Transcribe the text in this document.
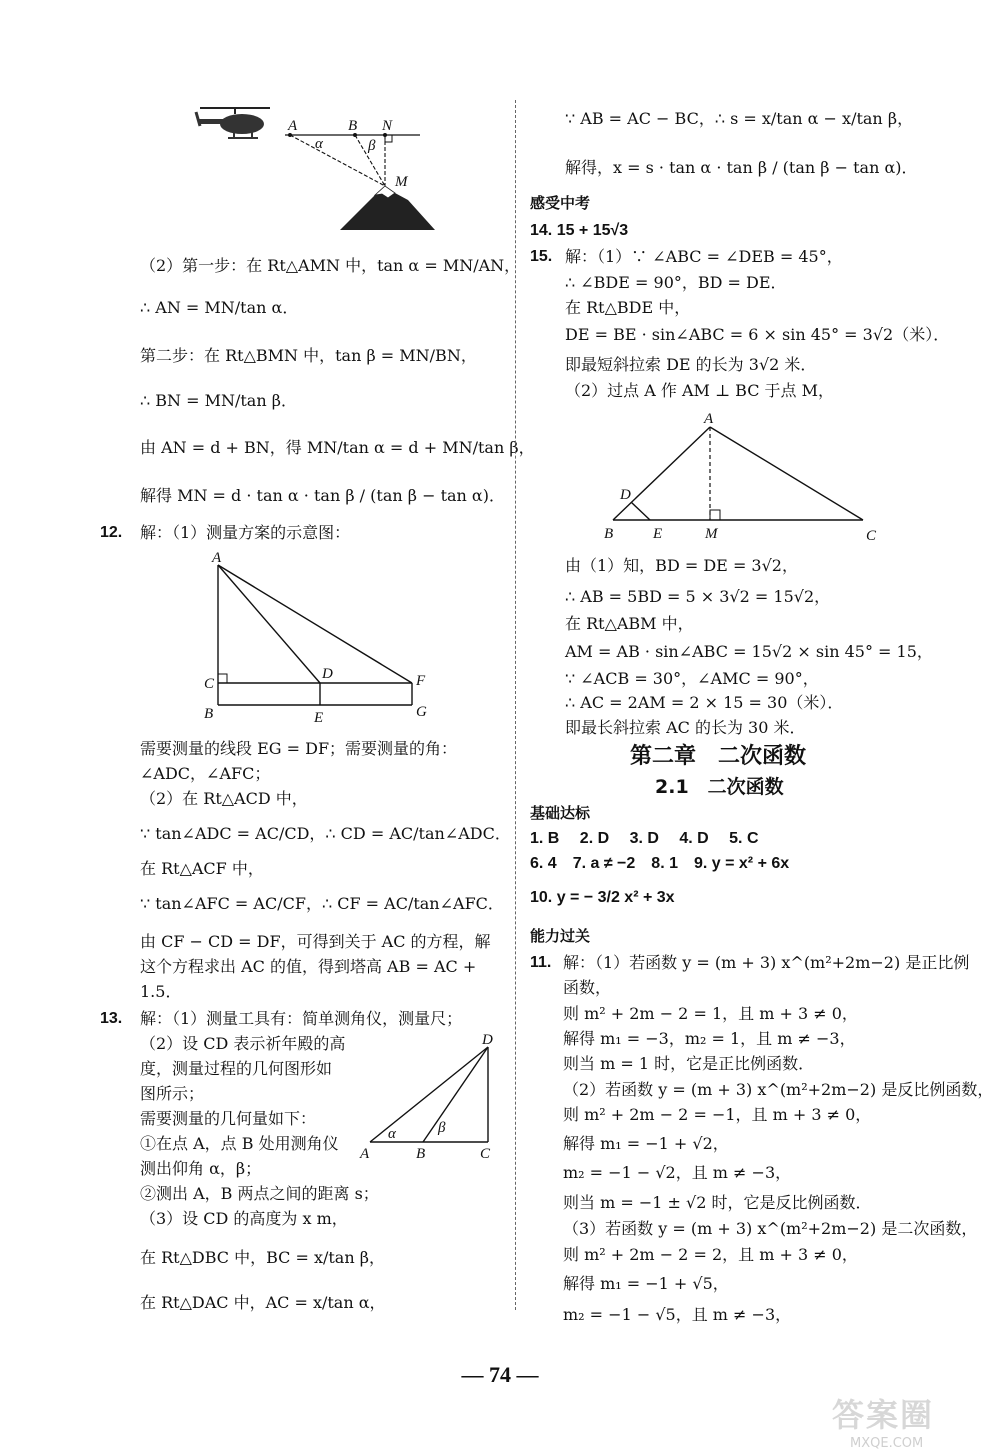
A	B N
M
α	β
（2）第一步：在 Rt△AMN 中，tan α = MN/AN，
∴ AN = MN/tan α．
第二步：在 Rt△BMN 中，tan β = MN/BN，
∴ BN = MN/tan β．
由 AN = d + BN，得 MN/tan α = d + MN/tan β，
解得 MN = d · tan α · tan β / (tan β − tan α)．
12. 解：（1）测量方案的示意图：
A
C
B
D
E
F
G
需要测量的线段 EG = DF；需要测量的角：
∠ADC，∠AFC；
（2）在 Rt△ACD 中，
∵ tan∠ADC = AC/CD，∴ CD = AC/tan∠ADC．
在 Rt△ACF 中，
∵ tan∠AFC = AC/CF，∴ CF = AC/tan∠AFC．
由 CF − CD = DF，可得到关于 AC 的方程，解
这个方程求出 AC 的值，得到塔高 AB = AC +
1.5．
13. 解：（1）测量工具有：简单测角仪，测量尺；
（2）设 CD 表示祈年殿的高
度，测量过程的几何图形如
图所示；
需要测量的几何量如下：
①在点 A，点 B 处用测角仪
测出仰角 α，β；
②测出 A，B 两点之间的距离 s；
（3）设 CD 的高度为 x m，
在 Rt△DBC 中，BC = x/tan β，
在 Rt△DAC 中，AC = x/tan α，
D
A	B	C
α	β
∵ AB = AC − BC，∴ s = x/tan α − x/tan β，
解得，x = s · tan α · tan β / (tan β − tan α)．
感受中考
14. 15 + 15√3
15. 解：（1）∵ ∠ABC = ∠DEB = 45°，
∴ ∠BDE = 90°，BD = DE．
在 Rt△BDE 中，
DE = BE · sin∠ABC = 6 × sin 45° = 3√2（米）．
即最短斜拉索 DE 的长为 3√2 米．
（2）过点 A 作 AM ⊥ BC 于点 M，
A
D
B	E	M	C
由（1）知，BD = DE = 3√2，
∴ AB = 5BD = 5 × 3√2 = 15√2，
在 Rt△ABM 中，
AM = AB · sin∠ABC = 15√2 × sin 45° = 15，
∵ ∠ACB = 30°，∠AMC = 90°，
∴ AC = 2AM = 2 × 15 = 30（米）．
即最长斜拉索 AC 的长为 30 米．
第二章　二次函数
2.1　二次函数
基础达标
1. B　 2. D　 3. D　 4. D　 5. C
6. 4　7. a ≠ −2　8. 1　9. y = x² + 6x
10. y = − 3/2 x² + 3x
能力过关
11. 解：（1）若函数 y = (m + 3) x^(m²+2m−2) 是正比例
函数，
则 m² + 2m − 2 = 1，且 m + 3 ≠ 0，
解得 m₁ = −3，m₂ = 1，且 m ≠ −3，
则当 m = 1 时，它是正比例函数．
（2）若函数 y = (m + 3) x^(m²+2m−2) 是反比例函数，
则 m² + 2m − 2 = −1，且 m + 3 ≠ 0，
解得 m₁ = −1 + √2，
m₂ = −1 − √2，且 m ≠ −3，
则当 m = −1 ± √2 时，它是反比例函数．
（3）若函数 y = (m + 3) x^(m²+2m−2) 是二次函数，
则 m² + 2m − 2 = 2，且 m + 3 ≠ 0，
解得 m₁ = −1 + √5，
m₂ = −1 − √5，且 m ≠ −3，
— 74 —
答案圈
MXQE.COM
